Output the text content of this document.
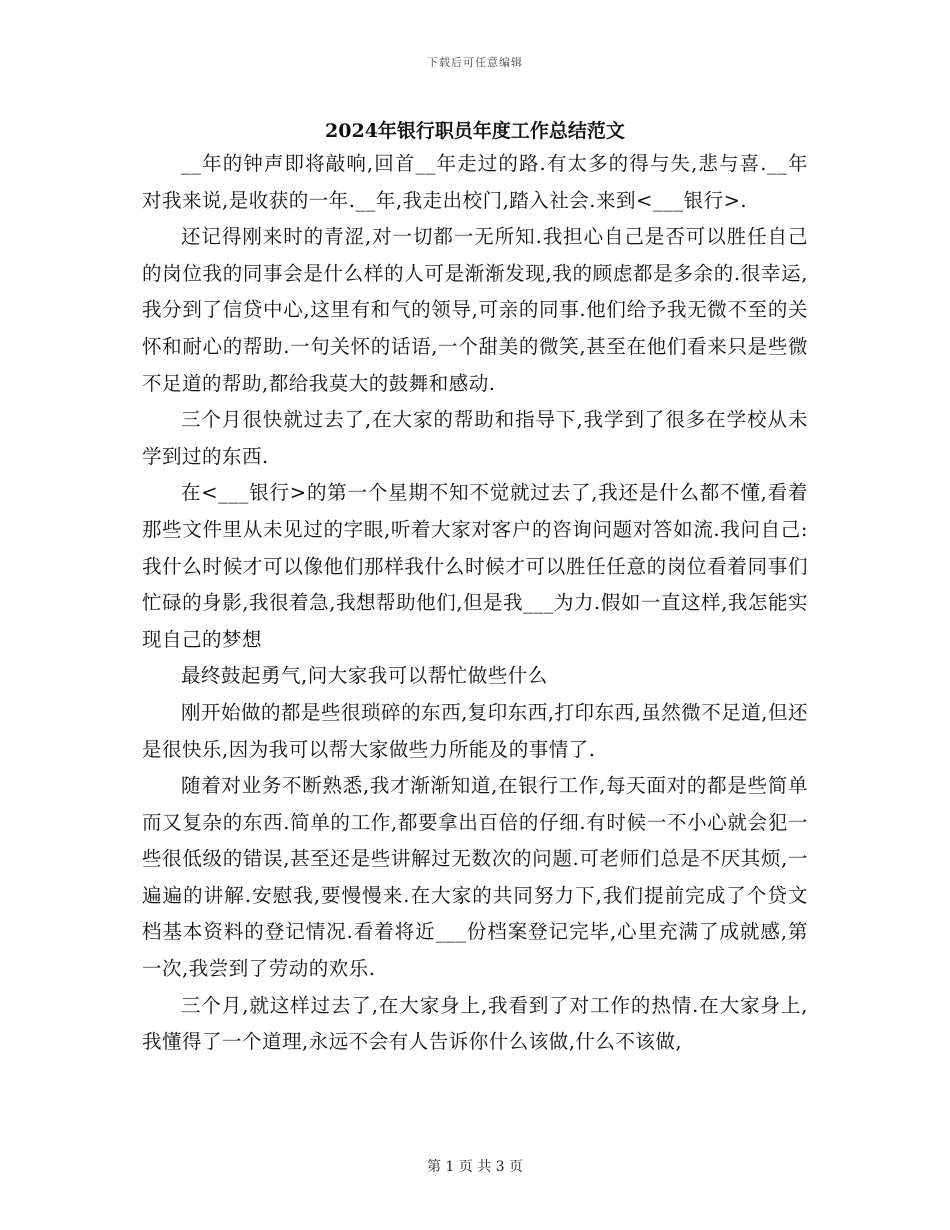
下载后可任意编辑
2024年银行职员年度工作总结范文

__年的钟声即将敲响,回首__年走过的路.有太多的得与失,悲与喜.__年对我来说,是收获的一年.__年,我走出校门,踏入社会.来到<___银行>.

还记得刚来时的青涩,对一切都一无所知.我担心自己是否可以胜任自己的岗位我的同事会是什么样的人可是渐渐发现,我的顾虑都是多余的.很幸运,我分到了信贷中心,这里有和气的领导,可亲的同事.他们给予我无微不至的关怀和耐心的帮助.一句关怀的话语,一个甜美的微笑,甚至在他们看来只是些微不足道的帮助,都给我莫大的鼓舞和感动.

三个月很快就过去了,在大家的帮助和指导下,我学到了很多在学校从未学到过的东西.

在<___银行>的第一个星期不知不觉就过去了,我还是什么都不懂,看着那些文件里从未见过的字眼,听着大家对客户的咨询问题对答如流.我问自己:我什么时候才可以像他们那样我什么时候才可以胜任任意的岗位看着同事们忙碌的身影,我很着急,我想帮助他们,但是我___为力.假如一直这样,我怎能实现自己的梦想

最终鼓起勇气,问大家我可以帮忙做些什么

刚开始做的都是些很琐碎的东西,复印东西,打印东西,虽然微不足道,但还是很快乐,因为我可以帮大家做些力所能及的事情了.

随着对业务不断熟悉,我才渐渐知道,在银行工作,每天面对的都是些简单而又复杂的东西.简单的工作,都要拿出百倍的仔细.有时候一不小心就会犯一些很低级的错误,甚至还是些讲解过无数次的问题.可老师们总是不厌其烦,一遍遍的讲解.安慰我,要慢慢来.在大家的共同努力下,我们提前完成了个贷文档基本资料的登记情况.看着将近___份档案登记完毕,心里充满了成就感,第一次,我尝到了劳动的欢乐.

三个月,就这样过去了,在大家身上,我看到了对工作的热情.在大家身上,我懂得了一个道理,永远不会有人告诉你什么该做,什么不该做,

第 1 页 共 3 页
